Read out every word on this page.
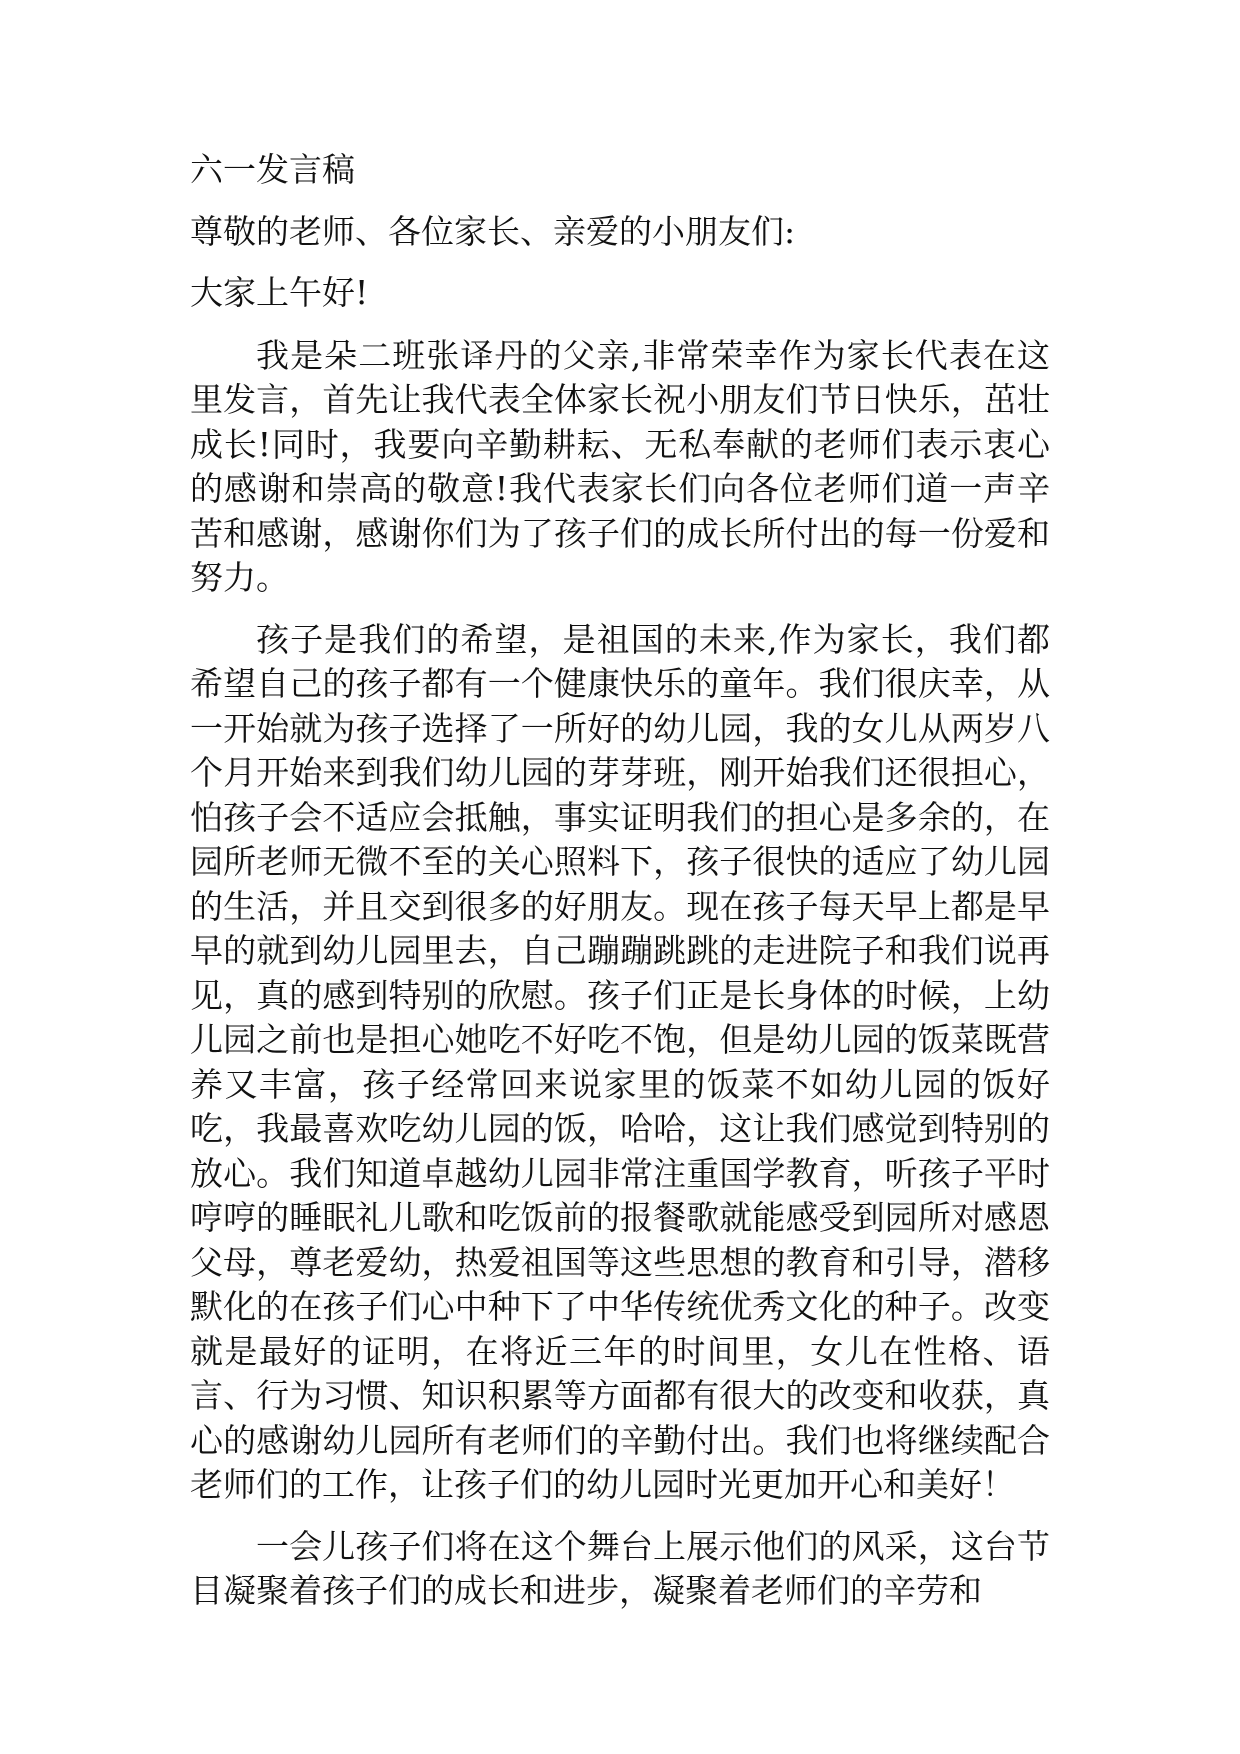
六一发言稿

尊敬的老师、各位家长、亲爱的小朋友们:

大家上午好!

我是朵二班张译丹的父亲,非常荣幸作为家长代表在这里发言，首先让我代表全体家长祝小朋友们节日快乐，茁壮成长!同时，我要向辛勤耕耘、无私奉献的老师们表示衷心的感谢和崇高的敬意!我代表家长们向各位老师们道一声辛苦和感谢，感谢你们为了孩子们的成长所付出的每一份爱和努力。

孩子是我们的希望，是祖国的未来,作为家长，我们都希望自己的孩子都有一个健康快乐的童年。我们很庆幸，从一开始就为孩子选择了一所好的幼儿园，我的女儿从两岁八个月开始来到我们幼儿园的芽芽班，刚开始我们还很担心，怕孩子会不适应会抵触，事实证明我们的担心是多余的，在园所老师无微不至的关心照料下，孩子很快的适应了幼儿园的生活，并且交到很多的好朋友。现在孩子每天早上都是早早的就到幼儿园里去，自己蹦蹦跳跳的走进院子和我们说再见，真的感到特别的欣慰。孩子们正是长身体的时候，上幼儿园之前也是担心她吃不好吃不饱，但是幼儿园的饭菜既营养又丰富，孩子经常回来说家里的饭菜不如幼儿园的饭好吃，我最喜欢吃幼儿园的饭，哈哈，这让我们感觉到特别的放心。我们知道卓越幼儿园非常注重国学教育，听孩子平时哼哼的睡眠礼儿歌和吃饭前的报餐歌就能感受到园所对感恩父母，尊老爱幼，热爱祖国等这些思想的教育和引导，潜移默化的在孩子们心中种下了中华传统优秀文化的种子。改变就是最好的证明，在将近三年的时间里，女儿在性格、语言、行为习惯、知识积累等方面都有很大的改变和收获，真心的感谢幼儿园所有老师们的辛勤付出。我们也将继续配合老师们的工作，让孩子们的幼儿园时光更加开心和美好！

一会儿孩子们将在这个舞台上展示他们的风采，这台节目凝聚着孩子们的成长和进步，凝聚着老师们的辛劳和
